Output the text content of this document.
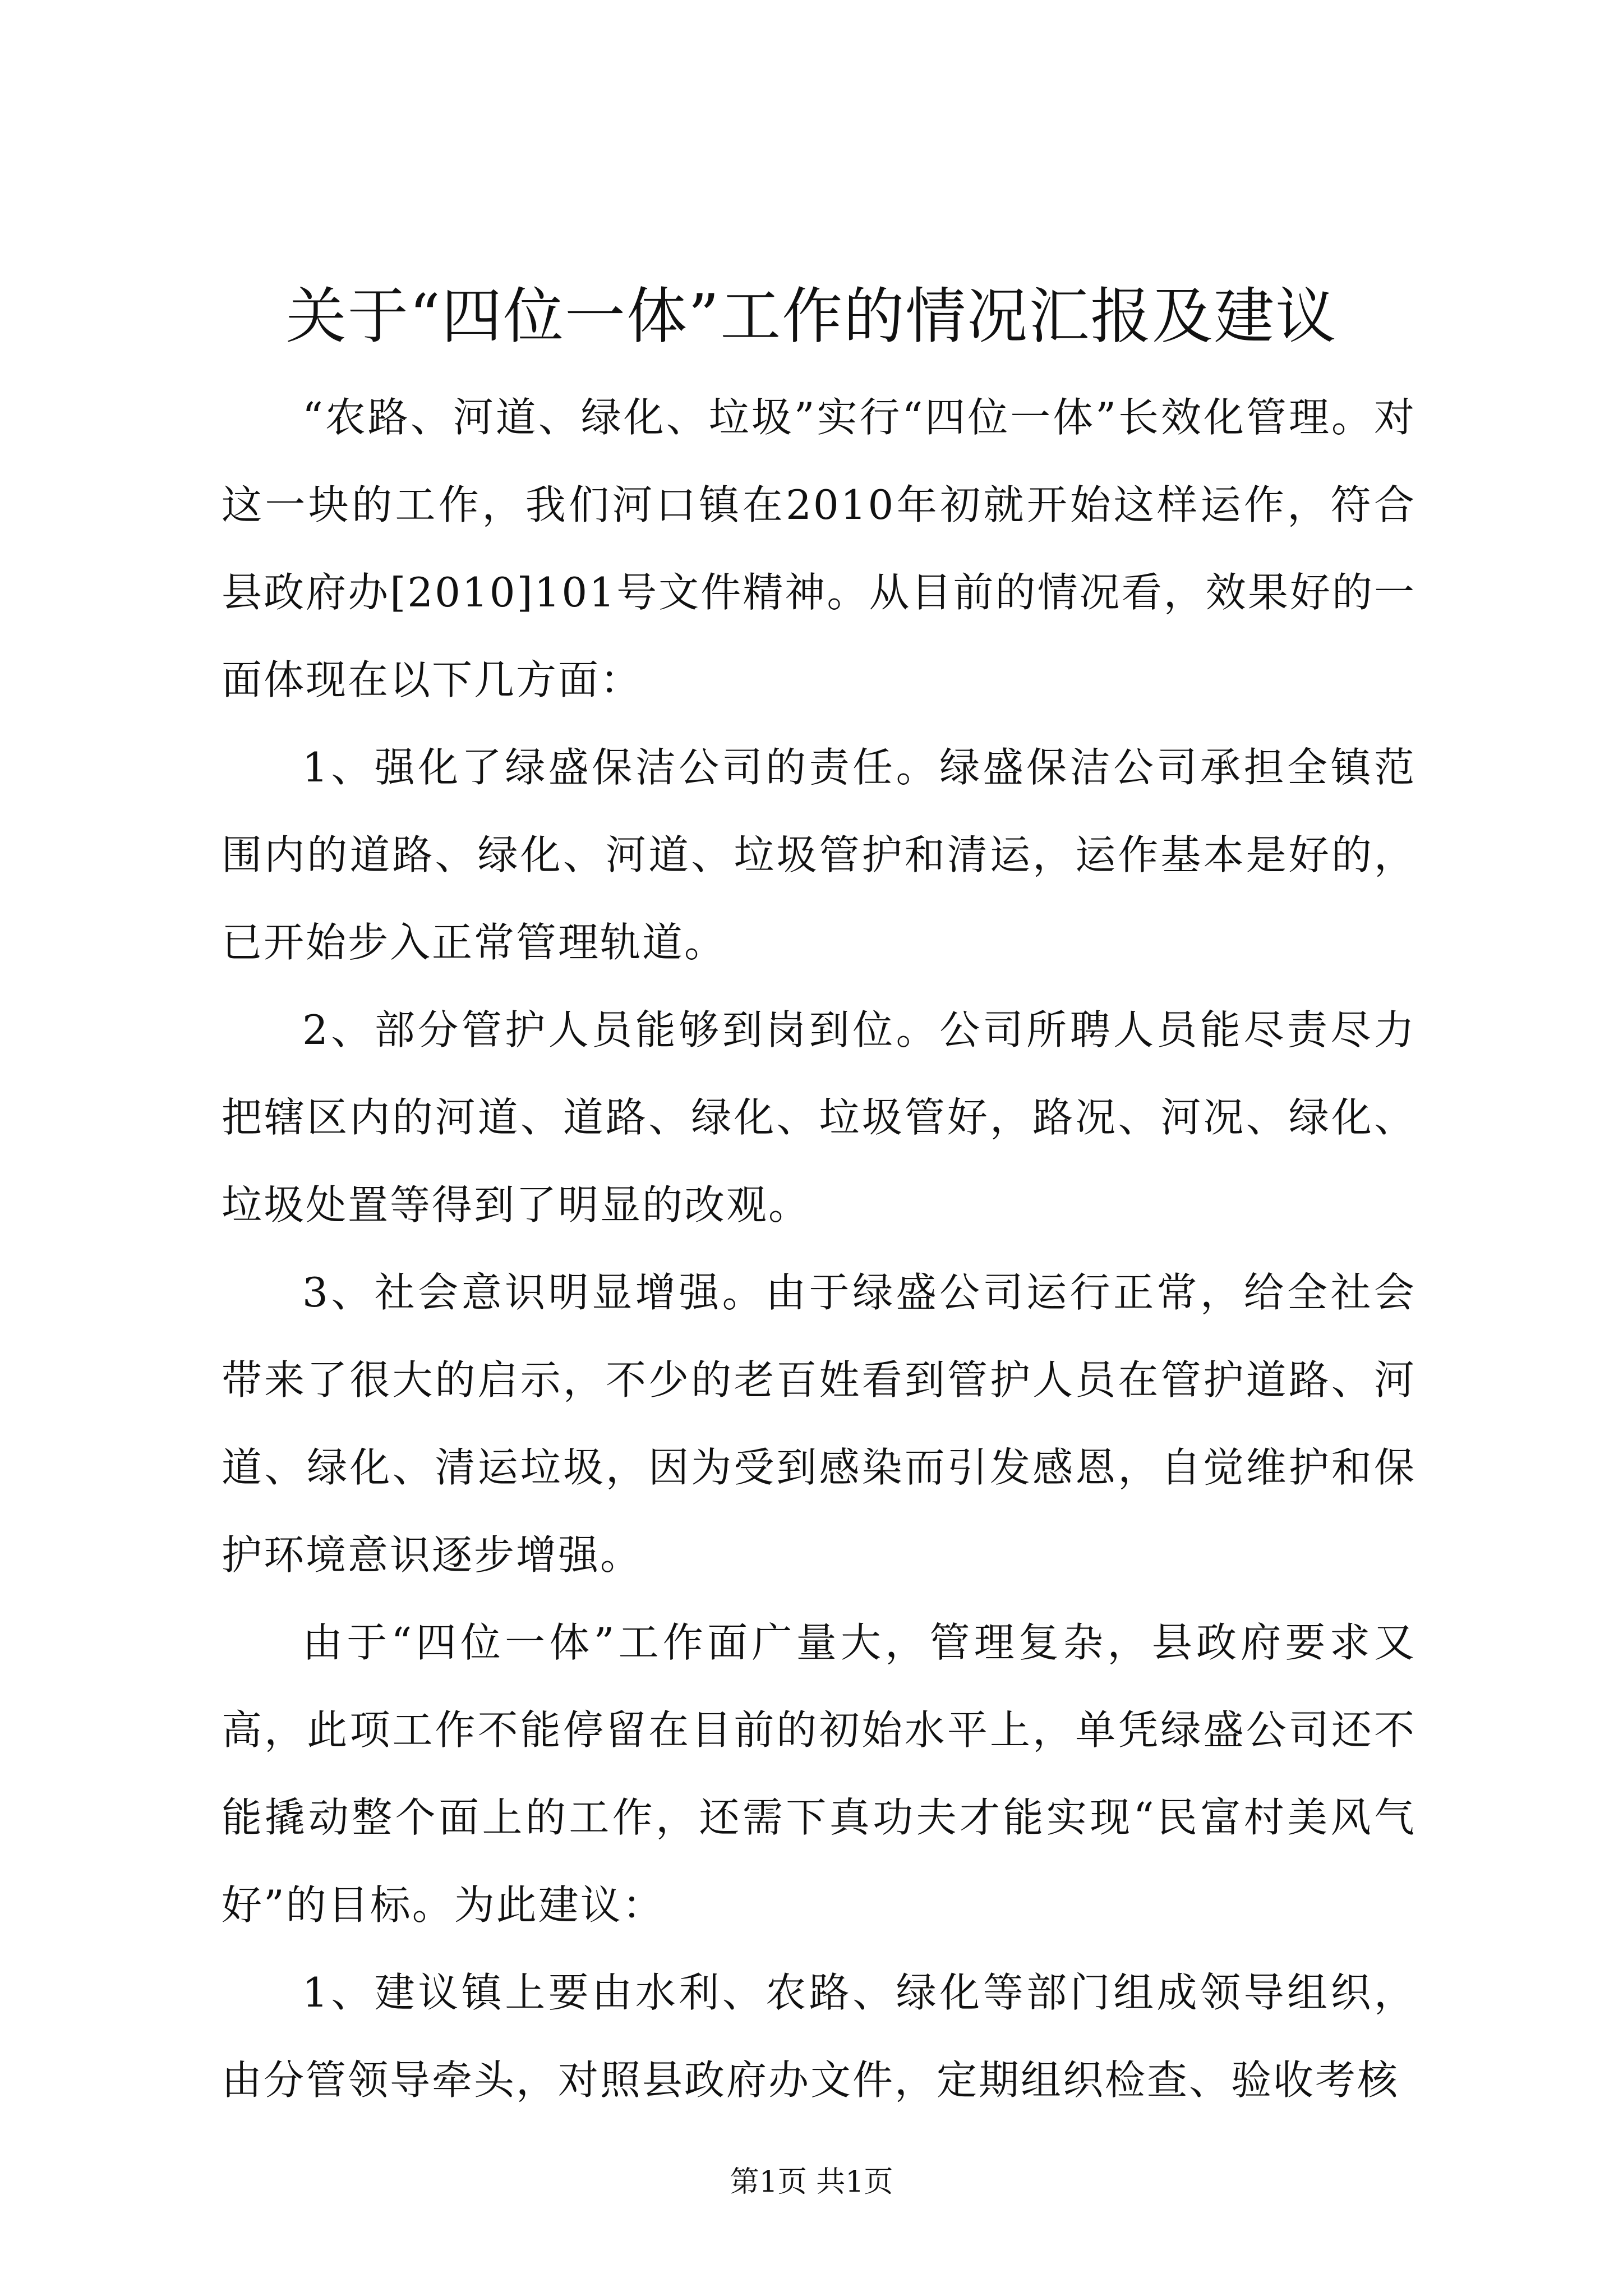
关于“四位一体”工作的情况汇报及建议

“农路、河道、绿化、垃圾”实行“四位一体”长效化管理。对这一块的工作，我们河口镇在2010年初就开始这样运作，符合县政府办[2010]101号文件精神。从目前的情况看，效果好的一面体现在以下几方面：

1、强化了绿盛保洁公司的责任。绿盛保洁公司承担全镇范围内的道路、绿化、河道、垃圾管护和清运，运作基本是好的，已开始步入正常管理轨道。

2、部分管护人员能够到岗到位。公司所聘人员能尽责尽力把辖区内的河道、道路、绿化、垃圾管好，路况、河况、绿化、垃圾处置等得到了明显的改观。

3、社会意识明显增强。由于绿盛公司运行正常，给全社会带来了很大的启示，不少的老百姓看到管护人员在管护道路、河道、绿化、清运垃圾，因为受到感染而引发感恩，自觉维护和保护环境意识逐步增强。

由于“四位一体”工作面广量大，管理复杂，县政府要求又高，此项工作不能停留在目前的初始水平上，单凭绿盛公司还不能撬动整个面上的工作，还需下真功夫才能实现“民富村美风气好”的目标。为此建议：

1、建议镇上要由水利、农路、绿化等部门组成领导组织，由分管领导牵头，对照县政府办文件，定期组织检查、验收考核

第1页 共1页
